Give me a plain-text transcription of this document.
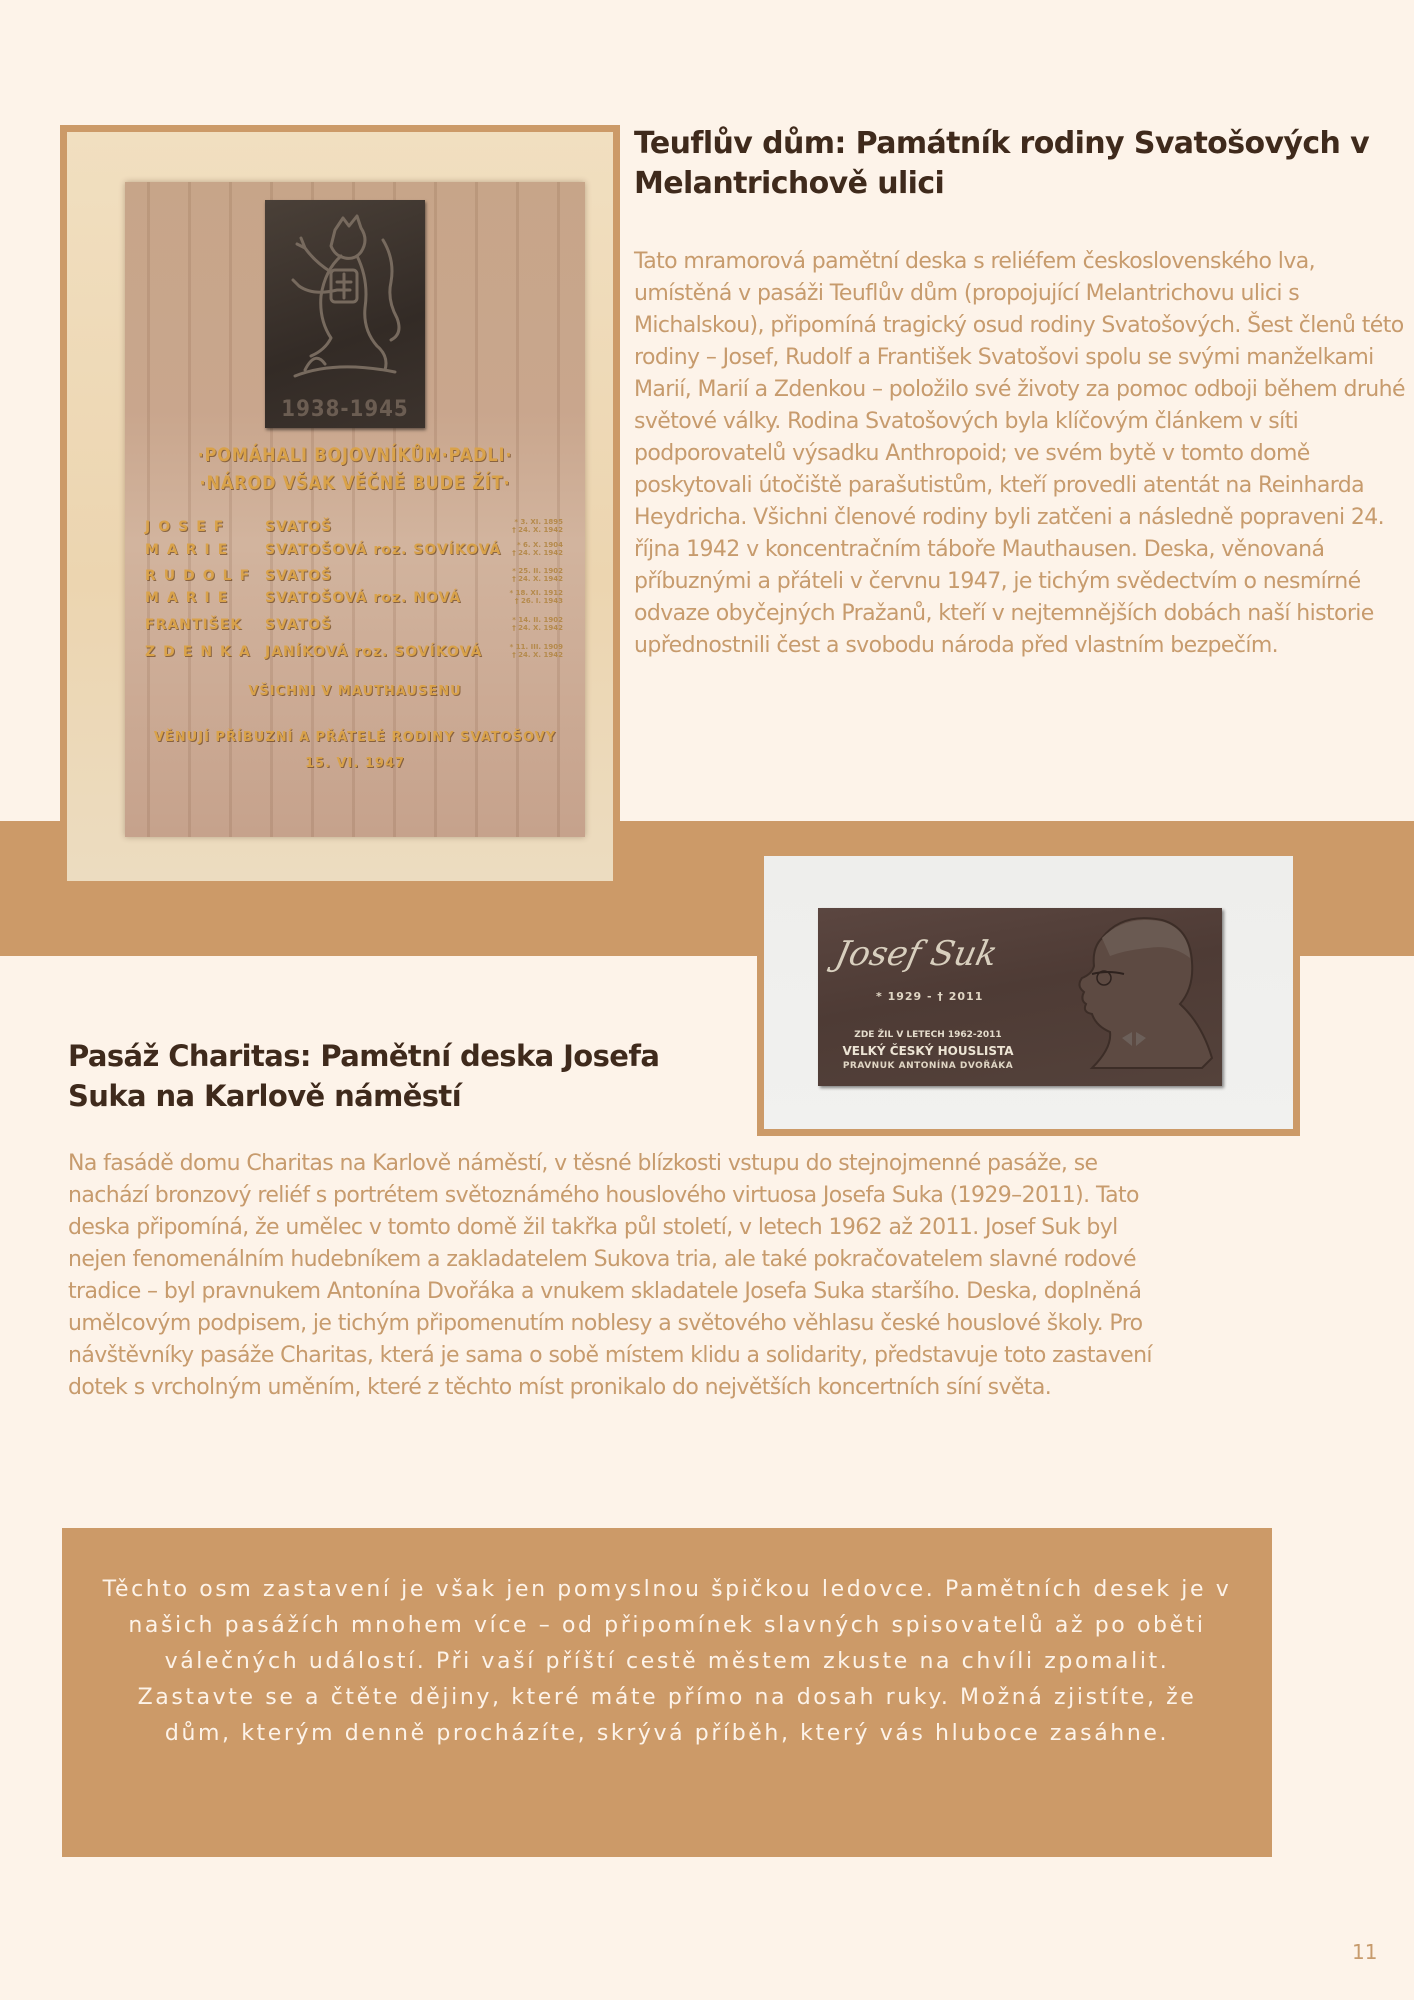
1938-1945
·POMÁHALI BOJOVNÍKŮM·PADLI·
·NÁROD VŠAK VĚČNĚ BUDE ŽÍT·
JOSEF SVATOŠ	* 3. XI. 1895
† 24. X. 1942
MARIE SVATOŠOVÁ roz. SOVÍKOVÁ	* 6. X. 1904
† 24. X. 1942
RUDOLF SVATOŠ	* 25. II. 1902
† 24. X. 1942
MARIE SVATOŠOVÁ roz. NOVÁ	* 18. XI. 1912
† 26. I. 1943
FRANTIŠEK SVATOŠ	* 14. II. 1902
† 24. X. 1942
ZDENKA JANÍKOVÁ roz. SOVÍKOVÁ	* 11. III. 1909
† 24. X. 1942
VŠICHNI V MAUTHAUSENU
VĚNUJÍ PŘÍBUZNÍ A PŘÁTELÉ RODINY SVATOŠOVY
15. VI. 1947
Teuflův dům: Památník rodiny Svatošových v Melantrichově ulici

Tato mramorová pamětní deska s reliéfem československého lva, umístěná v pasáži Teuflův dům (propojující Melantrichovu ulici s Michalskou), připomíná tragický osud rodiny Svatošových. Šest členů této rodiny – Josef, Rudolf a František Svatošovi spolu se svými manželkami Marií, Marií a Zdenkou – položilo své životy za pomoc odboji během druhé světové války. Rodina Svatošových byla klíčovým článkem v síti podporovatelů výsadku Anthropoid; ve svém bytě v tomto domě poskytovali útočiště parašutistům, kteří provedli atentát na Reinharda Heydricha. Všichni členové rodiny byli zatčeni a následně popraveni 24. října 1942 v koncentračním táboře Mauthausen. Deska, věnovaná příbuznými a přáteli v červnu 1947, je tichým svědectvím o nesmírné odvaze obyčejných Pražanů, kteří v nejtemnějších dobách naší historie upřednostnili čest a svobodu národa před vlastním bezpečím.

Josef Suk
* 1929 - † 2011
ZDE ŽIL V LETECH 1962-2011
VELKÝ ČESKÝ HOUSLISTA
PRAVNUK ANTONÍNA DVOŘÁKA
Pasáž Charitas: Pamětní deska Josefa Suka na Karlově náměstí

Na fasádě domu Charitas na Karlově náměstí, v těsné blízkosti vstupu do stejnojmenné pasáže, se nachází bronzový reliéf s portrétem světoznámého houslového virtuosa Josefa Suka (1929–2011). Tato deska připomíná, že umělec v tomto domě žil takřka půl století, v letech 1962 až 2011. Josef Suk byl nejen fenomenálním hudebníkem a zakladatelem Sukova tria, ale také pokračovatelem slavné rodové tradice – byl pravnukem Antonína Dvořáka a vnukem skladatele Josefa Suka staršího. Deska, doplněná umělcovým podpisem, je tichým připomenutím noblesy a světového věhlasu české houslové školy. Pro návštěvníky pasáže Charitas, která je sama o sobě místem klidu a solidarity, představuje toto zastavení dotek s vrcholným uměním, které z těchto míst pronikalo do největších koncertních síní světa.

Těchto osm zastavení je však jen pomyslnou špičkou ledovce. Pamětních desek je v našich pasážích mnohem více – od připomínek slavných spisovatelů až po oběti válečných událostí. Při vaší příští cestě městem zkuste na chvíli zpomalit. Zastavte se a čtěte dějiny, které máte přímo na dosah ruky. Možná zjistíte, že dům, kterým denně procházíte, skrývá příběh, který vás hluboce zasáhne.

11
